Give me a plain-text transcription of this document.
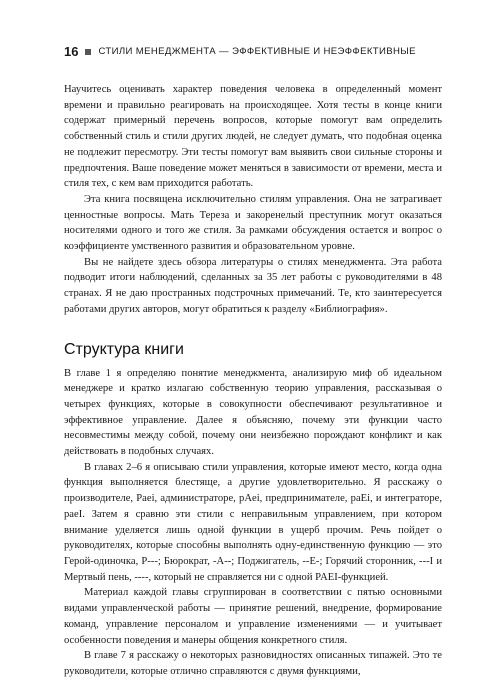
16 СТИЛИ МЕНЕДЖМЕНТА — ЭФФЕКТИВНЫЕ И НЕЭФФЕКТИВНЫЕ

Научитесь оценивать характер поведения человека в определенный момент времени и правильно реагировать на происходящее. Хотя тесты в конце книги содержат примерный перечень вопросов, которые помогут вам определить собственный стиль и стили других людей, не следует думать, что подобная оценка не подлежит пересмотру. Эти тесты помогут вам выявить свои сильные стороны и предпочтения. Ваше поведение может меняться в зависимости от времени, места и стиля тех, с кем вам приходится работать.

Эта книга посвящена исключительно стилям управления. Она не затрагивает ценностные вопросы. Мать Тереза и закоренелый преступник могут оказаться носителями одного и того же стиля. За рамками обсуждения остается и вопрос о коэффициенте умственного развития и образовательном уровне.

Вы не найдете здесь обзора литературы о стилях менеджмента. Эта работа подводит итоги наблюдений, сделанных за 35 лет работы с руководителями в 48 странах. Я не даю пространных подстрочных примечаний. Те, кто заинтересуется работами других авторов, могут обратиться к разделу «Библиография».

Структура книги

В главе 1 я определяю понятие менеджмента, анализирую миф об идеальном менеджере и кратко излагаю собственную теорию управления, рассказывая о четырех функциях, которые в совокупности обеспечивают результативное и эффективное управление. Далее я объясняю, почему эти функции часто несовместимы между собой, почему они неизбежно порождают конфликт и как действовать в подобных случаях.

В главах 2–6 я описываю стили управления, которые имеют место, когда одна функция выполняется блестяще, а другие удовлетворительно. Я расскажу о производителе, Paei, администраторе, pAei, предпринимателе, paEi, и интеграторе, paeI. Затем я сравню эти стили с неправильным управлением, при котором внимание уделяется лишь одной функции в ущерб прочим. Речь пойдет о руководителях, которые способны выполнять одну-единственную функцию — это Герой-одиночка, P---; Бюрократ, -A--; Поджигатель, --E-; Горячий сторонник, ---I и Мертвый пень, ----, который не справляется ни с одной PAEI-функцией.

Материал каждой главы сгруппирован в соответствии с пятью основными видами управленческой работы — принятие решений, внедрение, формирование команд, управление персоналом и управление изменениями — и учитывает особенности поведения и манеры общения конкретного стиля.

В главе 7 я расскажу о некоторых разновидностях описанных типажей. Это те руководители, которые отлично справляются с двумя функциями,
